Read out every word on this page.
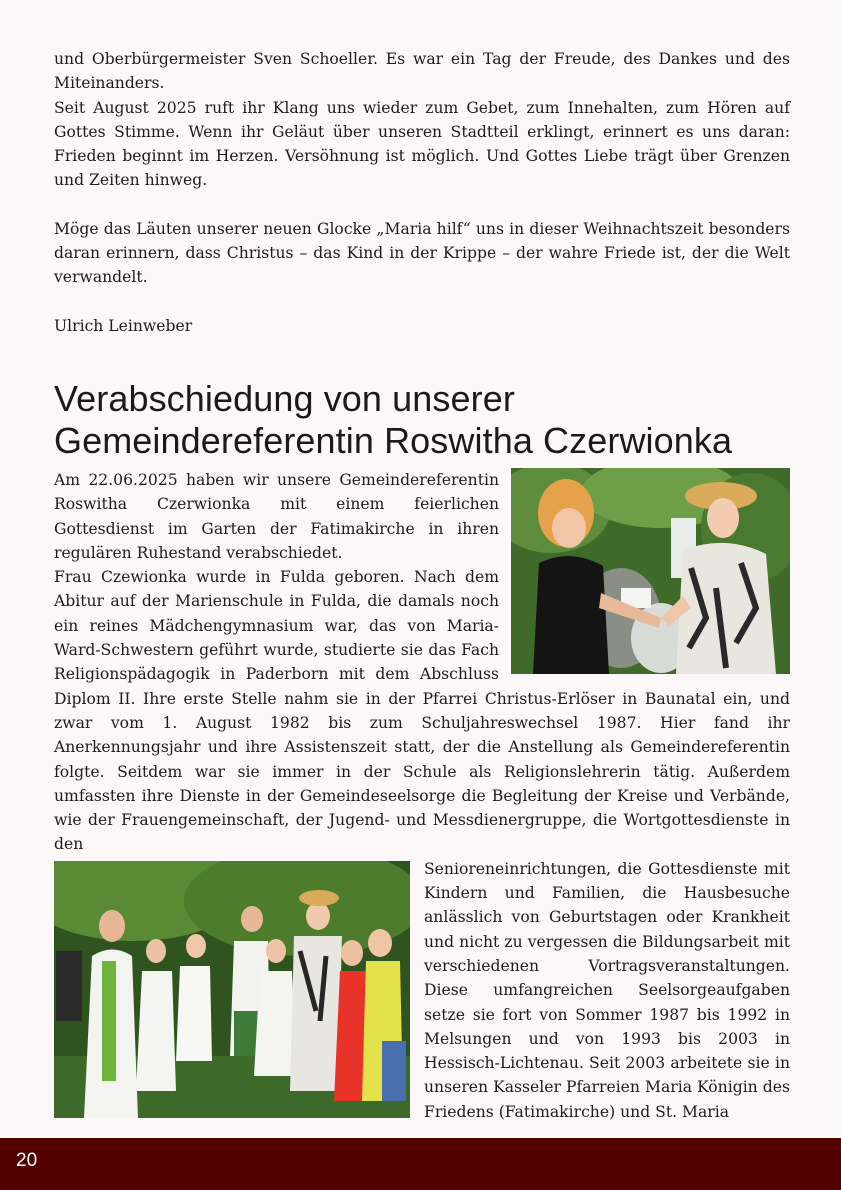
und Oberbürgermeister Sven Schoeller. Es war ein Tag der Freude, des Dankes und des Miteinanders.

Seit August 2025 ruft ihr Klang uns wieder zum Gebet, zum Innehalten, zum Hören auf Gottes Stimme. Wenn ihr Geläut über unseren Stadtteil erklingt, erinnert es uns daran: Frieden beginnt im Herzen. Versöhnung ist möglich. Und Gottes Liebe trägt über Grenzen und Zeiten hinweg.

Möge das Läuten unserer neuen Glocke „Maria hilf“ uns in dieser Weihnachtszeit besonders daran erinnern, dass Christus – das Kind in der Krippe – der wahre Friede ist, der die Welt verwandelt.

Ulrich Leinweber

Verabschiedung von unserer Gemeindereferentin Roswitha Czerwionka

Am 22.06.2025 haben wir unsere Gemeindereferentin Roswitha Czerwionka mit einem feierlichen Gottesdienst im Garten der Fatimakirche in ihren regulären Ruhestand verabschiedet.

Frau Czewionka wurde in Fulda geboren. Nach dem Abitur auf der Marienschule in Fulda, die damals noch ein reines Mädchengymnasium war, das von Maria-Ward-Schwestern geführt wurde, studierte sie das Fach Religionspädagogik in Paderborn mit dem Abschluss Diplom II. Ihre erste Stelle nahm sie in der Pfarrei Christus-Erlöser in Baunatal ein, und zwar vom 1. August 1982 bis zum Schuljahreswechsel 1987. Hier fand ihr Anerkennungsjahr und ihre Assistenszeit statt, der die Anstellung als Gemeindereferentin folgte. Seitdem war sie immer in der Schule als Religionslehrerin tätig. Außerdem umfassten ihre Dienste in der Gemeindeseelsorge die Begleitung der Kreise und Verbände, wie der Frauengemeinschaft, der Jugend- und Messdienergruppe, die Wortgottesdienste in den

Senioreneinrichtungen, die Gottesdienste mit Kindern und Familien, die Hausbesuche anlässlich von Geburtstagen oder Krankheit und nicht zu vergessen die Bildungsarbeit mit verschiedenen Vortragsveranstaltungen. Diese umfangreichen Seelsorgeaufgaben setze sie fort von Sommer 1987 bis 1992 in Melsungen und von 1993 bis 2003 in Hessisch-Lichtenau. Seit 2003 arbeitete sie in unseren Kasseler Pfarreien Maria Königin des Friedens (Fatimakirche) und St. Maria

20
